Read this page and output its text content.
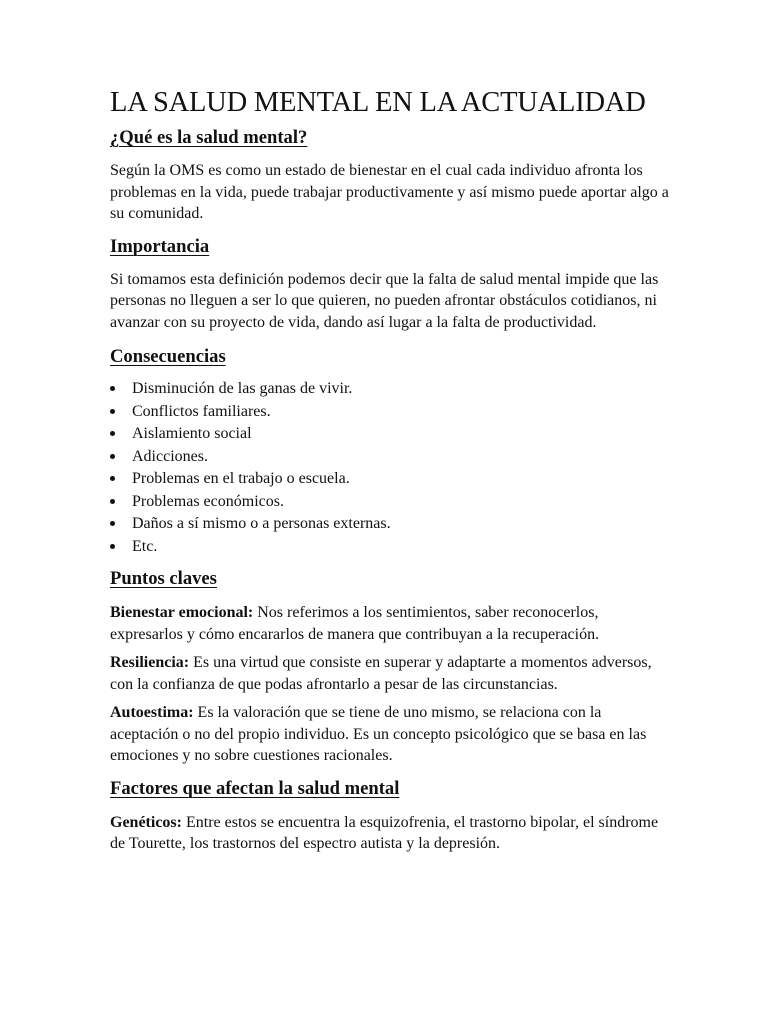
LA SALUD MENTAL EN LA ACTUALIDAD
¿Qué es la salud mental?

Según la OMS es como un estado de bienestar en el cual cada individuo afronta los problemas en la vida, puede trabajar productivamente y así mismo puede aportar algo a su comunidad.

Importancia

Si tomamos esta definición podemos decir que la falta de salud mental impide que las personas no lleguen a ser lo que quieren, no pueden afrontar obstáculos cotidianos, ni avanzar con su proyecto de vida, dando así lugar a la falta de productividad.

Consecuencias
Disminución de las ganas de vivir.
Conflictos familiares.
Aislamiento social
Adicciones.
Problemas en el trabajo o escuela.
Problemas económicos.
Daños a sí mismo o a personas externas.
Etc.
Puntos claves

Bienestar emocional: Nos referimos a los sentimientos, saber reconocerlos, expresarlos y cómo encararlos de manera que contribuyan a la recuperación.

Resiliencia: Es una virtud que consiste en superar y adaptarte a momentos adversos, con la confianza de que podas afrontarlo a pesar de las circunstancias.

Autoestima: Es la valoración que se tiene de uno mismo, se relaciona con la aceptación o no del propio individuo. Es un concepto psicológico que se basa en las emociones y no sobre cuestiones racionales.

Factores que afectan la salud mental

Genéticos: Entre estos se encuentra la esquizofrenia, el trastorno bipolar, el síndrome de Tourette, los trastornos del espectro autista y la depresión.
